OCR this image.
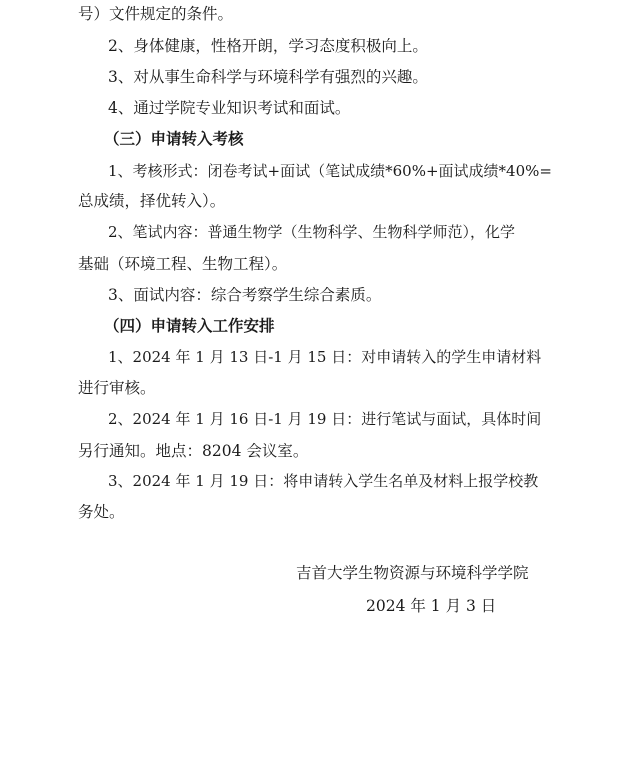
号）文件规定的条件。
2、身体健康，性格开朗，学习态度积极向上。
3、对从事生命科学与环境科学有强烈的兴趣。
4、通过学院专业知识考试和面试。
（三）申请转入考核
1、考核形式：闭卷考试+面试（笔试成绩*60%+面试成绩*40%=
总成绩，择优转入）。
2、笔试内容：普通生物学（生物科学、生物科学师范），化学
基础（环境工程、生物工程）。
3、面试内容：综合考察学生综合素质。
（四）申请转入工作安排
1、2024 年 1 月 13 日-1 月 15 日：对申请转入的学生申请材料
进行审核。
2、2024 年 1 月 16 日-1 月 19 日：进行笔试与面试，具体时间
另行通知。地点：8204 会议室。
3、2024 年 1 月 19 日：将申请转入学生名单及材料上报学校教
务处。
吉首大学生物资源与环境科学学院
2024 年 1 月 3 日
